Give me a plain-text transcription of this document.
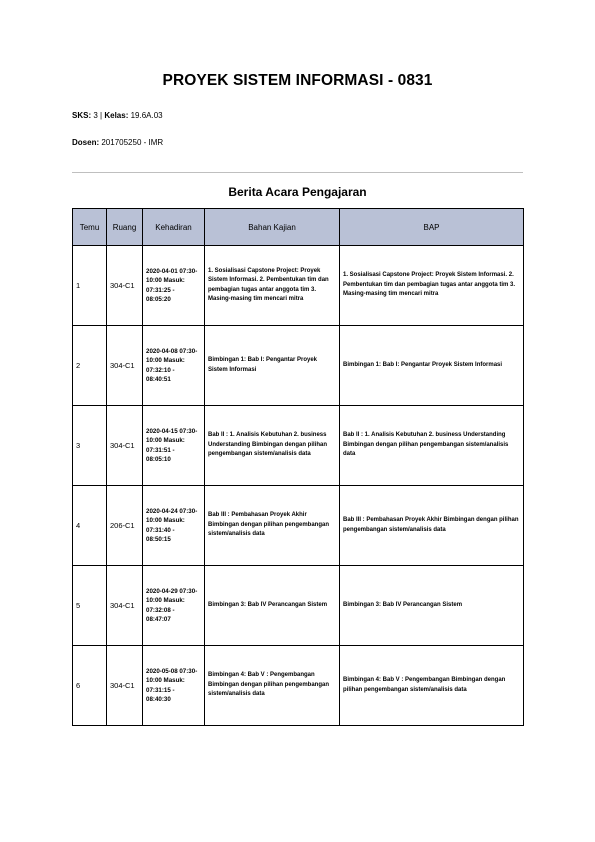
PROYEK SISTEM INFORMASI - 0831
SKS: 3 | Kelas: 19.6A.03
Dosen: 201705250 - IMR
Berita Acara Pengajaran
Temu	Ruang	Kehadiran	Bahan Kajian	BAP
1	304-C1	2020-04-01 07:30-10:00 Masuk: 07:31:25 - 08:05:20	1. Sosialisasi Capstone Project: Proyek Sistem Informasi. 2. Pembentukan tim dan pembagian tugas antar anggota tim 3. Masing-masing tim mencari mitra	1. Sosialisasi Capstone Project: Proyek Sistem Informasi. 2. Pembentukan tim dan pembagian tugas antar anggota tim 3. Masing-masing tim mencari mitra
2	304-C1	2020-04-08 07:30-10:00 Masuk: 07:32:10 - 08:40:51	Bimbingan 1: Bab I: Pengantar Proyek Sistem Informasi	Bimbingan 1: Bab I: Pengantar Proyek Sistem Informasi
3	304-C1	2020-04-15 07:30-10:00 Masuk: 07:31:51 - 08:05:10	Bab II : 1. Analisis Kebutuhan 2. business Understanding Bimbingan dengan pilihan pengembangan sistem/analisis data	Bab II : 1. Analisis Kebutuhan 2. business Understanding Bimbingan dengan pilihan pengembangan sistem/analisis data
4	206-C1	2020-04-24 07:30-10:00 Masuk: 07:31:40 - 08:50:15	Bab III : Pembahasan Proyek Akhir Bimbingan dengan pilihan pengembangan sistem/analisis data	Bab III : Pembahasan Proyek Akhir Bimbingan dengan pilihan pengembangan sistem/analisis data
5	304-C1	2020-04-29 07:30-10:00 Masuk: 07:32:08 - 08:47:07	Bimbingan 3: Bab IV Perancangan Sistem	Bimbingan 3: Bab IV Perancangan Sistem
6	304-C1	2020-05-08 07:30-10:00 Masuk: 07:31:15 - 08:40:30	Bimbingan 4: Bab V : Pengembangan Bimbingan dengan pilihan pengembangan sistem/analisis data	Bimbingan 4: Bab V : Pengembangan Bimbingan dengan pilihan pengembangan sistem/analisis data
